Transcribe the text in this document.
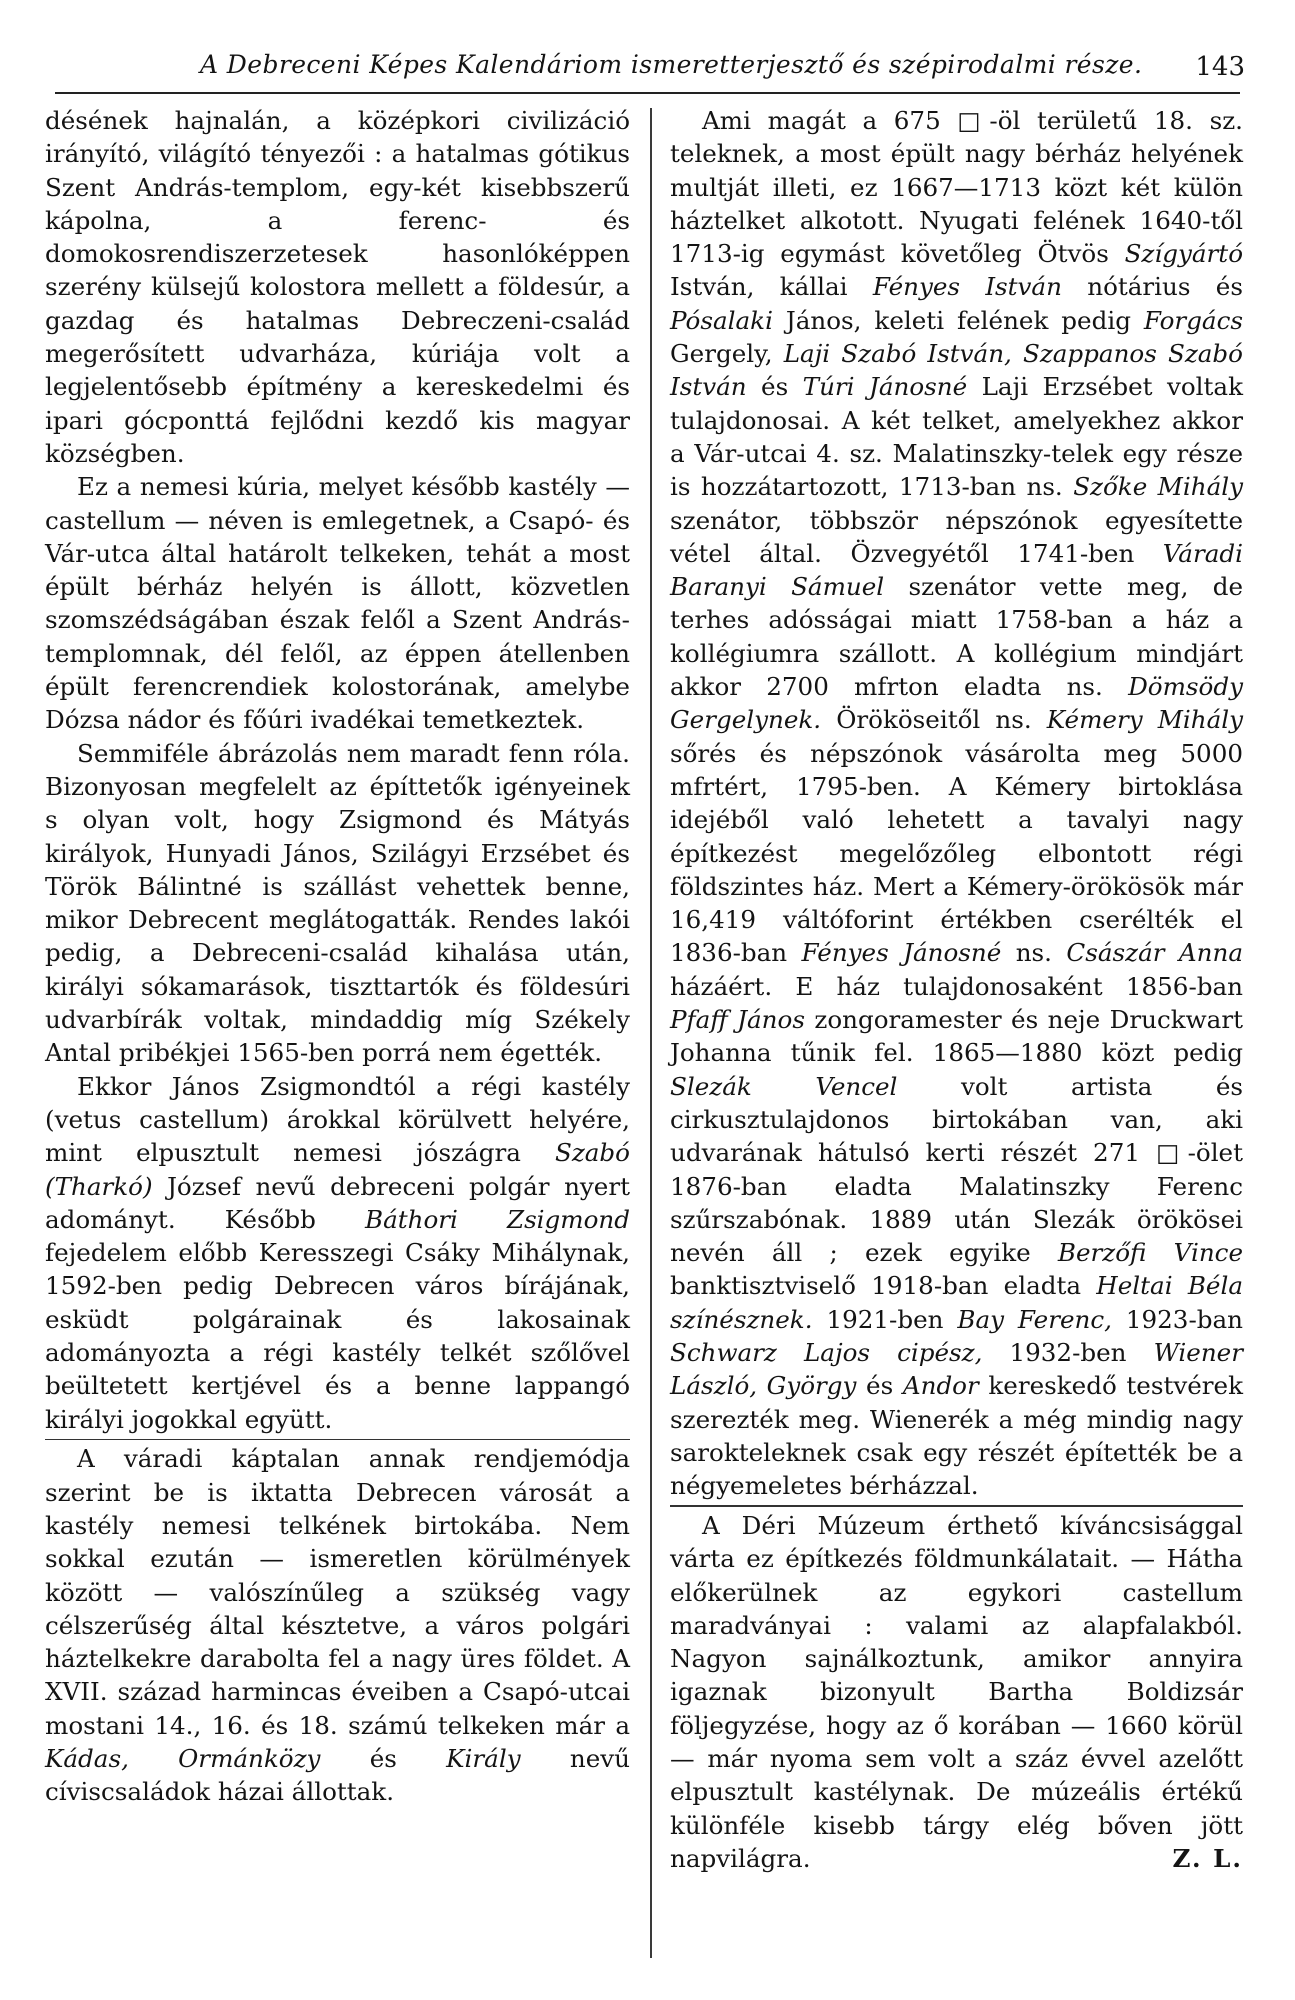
A Debreceni Képes Kalendáriom ismeretterjesztő és szépirodalmi része. 143

désének hajnalán, a középkori civilizáció irányító, világító tényezői : a hatalmas gótikus Szent András-templom, egy-két kisebbszerű kápolna, a ferenc- és domokosrendiszerzetesek hasonlóképpen szerény külsejű kolostora mellett a földesúr, a gazdag és hatalmas Debreczeni-család megerősített udvarháza, kúriája volt a legjelentősebb építmény a kereskedelmi és ipari gócponttá fejlődni kezdő kis magyar községben.

Ez a nemesi kúria, melyet később kastély — castellum — néven is emlegetnek, a Csapó- és Vár-utca által határolt telkeken, tehát a most épült bérház helyén is állott, közvetlen szomszédságában észak felől a Szent András-templomnak, dél felől, az éppen átellenben épült ferencrendiek kolostorának, amelybe Dózsa nádor és főúri ivadékai temetkeztek.

Semmiféle ábrázolás nem maradt fenn róla. Bizonyosan megfelelt az építtetők igényeinek s olyan volt, hogy Zsigmond és Mátyás királyok, Hunyadi János, Szilágyi Erzsébet és Török Bálintné is szállást vehettek benne, mikor Debrecent meglátogatták. Rendes lakói pedig, a Debreceni-család kihalása után, királyi sókamarások, tiszttartók és földesúri udvarbírák voltak, mindaddig míg Székely Antal pribékjei 1565-ben porrá nem égették.

Ekkor János Zsigmondtól a régi kastély (vetus castellum) árokkal körülvett helyére, mint elpusztult nemesi jószágra Szabó (Tharkó) József nevű debreceni polgár nyert adományt. Később Báthori Zsigmond fejedelem előbb Keresszegi Csáky Mihálynak, 1592-ben pedig Debrecen város bírájának, esküdt polgárainak és lakosainak adományozta a régi kastély telkét szőlővel beültetett kertjével és a benne lappangó királyi jogokkal együtt.

A váradi káptalan annak rendjemódja szerint be is iktatta Debrecen városát a kastély nemesi telkének birtokába. Nem sokkal ezután — ismeretlen körülmények között — valószínűleg a szükség vagy célszerűség által késztetve, a város polgári háztelkekre darabolta fel a nagy üres földet. A XVII. század harmincas éveiben a Csapó-utcai mostani 14., 16. és 18. számú telkeken már a Kádas, Ormánközy és Király nevű cíviscsaládok házai állottak.

Ami magát a 675 □-öl területű 18. sz. teleknek, a most épült nagy bérház helyének multját illeti, ez 1667—1713 közt két külön háztelket alkotott. Nyugati felének 1640-től 1713-ig egymást követőleg Ötvös Szígyártó István, kállai Fényes István nótárius és Pósalaki János, keleti felének pedig Forgács Gergely, Laji Szabó István, Szappanos Szabó István és Túri Jánosné Laji Erzsébet voltak tulajdonosai. A két telket, amelyekhez akkor a Vár-utcai 4. sz. Malatinszky-telek egy része is hozzátartozott, 1713-ban ns. Szőke Mihály szenátor, többször népszónok egyesítette vétel által. Özvegyétől 1741-ben Váradi Baranyi Sámuel szenátor vette meg, de terhes adósságai miatt 1758-ban a ház a kollégiumra szállott. A kollégium mindjárt akkor 2700 mfrton eladta ns. Dömsödy Gergelynek. Örököseitől ns. Kémery Mihály sőrés és népszónok vásárolta meg 5000 mfrtért, 1795-ben. A Kémery birtoklása idejéből való lehetett a tavalyi nagy építkezést megelőzőleg elbontott régi földszintes ház. Mert a Kémery-örökösök már 16,419 váltóforint értékben cserélték el 1836-ban Fényes Jánosné ns. Császár Anna házáért. E ház tulajdonosaként 1856-ban Pfaff János zongoramester és neje Druckwart Johanna tűnik fel. 1865—1880 közt pedig Slezák Vencel volt artista és cirkusztulajdonos birtokában van, aki udvarának hátulsó kerti részét 271 □-ölet 1876-ban eladta Malatinszky Ferenc szűrszabónak. 1889 után Slezák örökösei nevén áll ; ezek egyike Berzőfi Vince banktisztviselő 1918-ban eladta Heltai Béla színésznek. 1921-ben Bay Ferenc, 1923-ban Schwarz Lajos cipész, 1932-ben Wiener László, György és Andor kereskedő testvérek szerezték meg. Wienerék a még mindig nagy sarokteleknek csak egy részét építették be a négyemeletes bérházzal.

A Déri Múzeum érthető kíváncsisággal várta ez építkezés földmunkálatait. — Hátha előkerülnek az egykori castellum maradványai : valami az alapfalakból. Nagyon sajnálkoztunk, amikor annyira igaznak bizonyult Bartha Boldizsár följegyzése, hogy az ő korában — 1660 körül — már nyoma sem volt a száz évvel azelőtt elpusztult kastélynak. De múzeális értékű különféle kisebb tárgy elég bőven jött napvilágra.	Z. L.
